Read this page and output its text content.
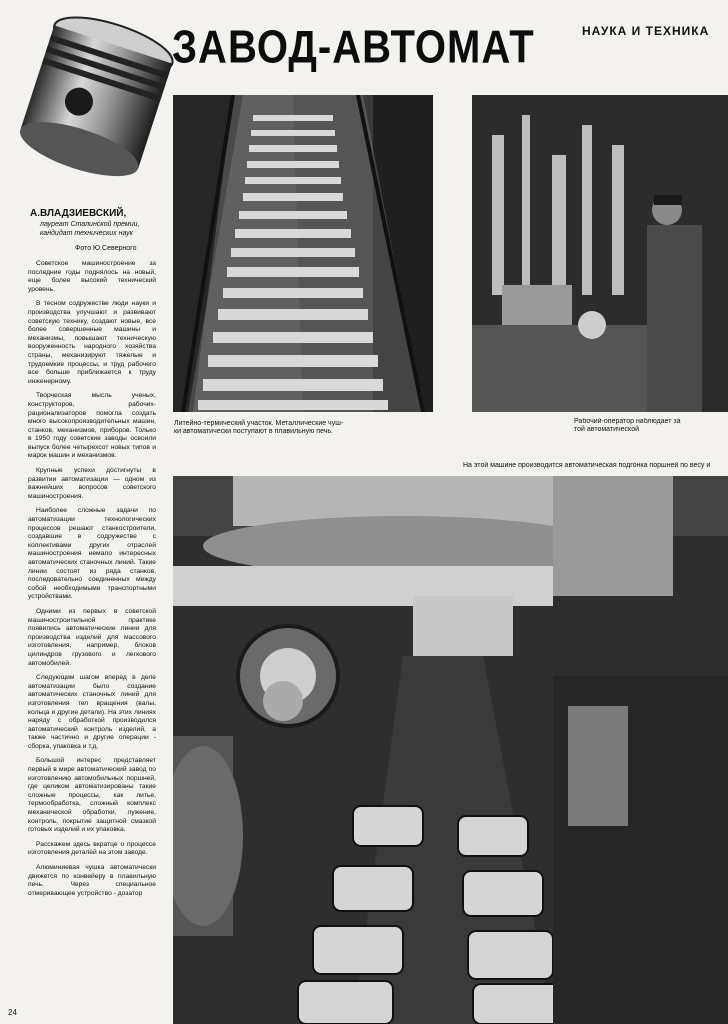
ЗАВОД-АВТОМАТ	НАУКА И ТЕХНИКА
Литейно-термический участок. Металлические чуш-
ки автоматически поступают в плавильную печь.
Рабочий-оператор наблюдает за
той автоматической
На этой машине производится автоматическая подгонка поршней по весу и
А.ВЛАДЗИЕВСКИЙ,
лауреат Сталинской премии,
кандидат технических наук
Фото Ю.Северного

Советское машиностроение за последние годы поднялось на новый, еще более высокий технический уровень.

В тесном содружестве люди науки и производства улучшают и развивают советскую технику, создают новые, все более совершенные машины и механизмы, повышают техническую вооруженность народного хозяйства страны, механизируют тяжелые и трудоемкие процессы, и труд рабочего все больше приближается к труду инженерному.

Творческая мысль ученых, конструкторов, рабочих-рационализаторов помогла создать много высокопроизводительных машин, станков, механизмов, приборов. Только в 1950 году советские заводы освоили выпуск более четырехсот новых типов и марок машин и механизмов.

Крупные успехи достигнуты в развитии автоматизации — одном из важнейших вопросов советского машиностроения.

Наиболее сложные задачи по автоматизации технологических процессов решают станкостроители, создавшие в содружестве с коллективами других отраслей машиностроения немало интересных автоматических станочных линий. Такие линии состоят из ряда станков, последовательно соединенных между собой необходимыми транспортными устройствами.

Одними из первых в советской машиностроительной практике появились автоматические линии для производства изделий для массового изготовления, например, блоков цилиндров грузового и легкового автомобилей.

Следующим шагом вперед в деле автоматизации было создание автоматических станочных линий для изготовления тел вращения (валы, кольца и другие детали). На этих линиях наряду с обработкой производился автоматический контроль изделий, а также частично и другие операции - сборка, упаковка и т.д.

Большой интерес представляет первый в мире автоматический завод по изготовлению автомобильных поршней, где целиком автоматизированы такие сложные процессы, как литье, термообработка, сложный комплекс механической обработки, лужение, контроль, покрытие защитной смазкой готовых изделий и их упаковка.

Расскажем здесь вкратце о процессе изготовления деталей на этом заводе.

Алюминиевая чушка автоматически движется по конвейеру в плавильную печь. Через специальное отмеривающее устройство - дозатор

24
